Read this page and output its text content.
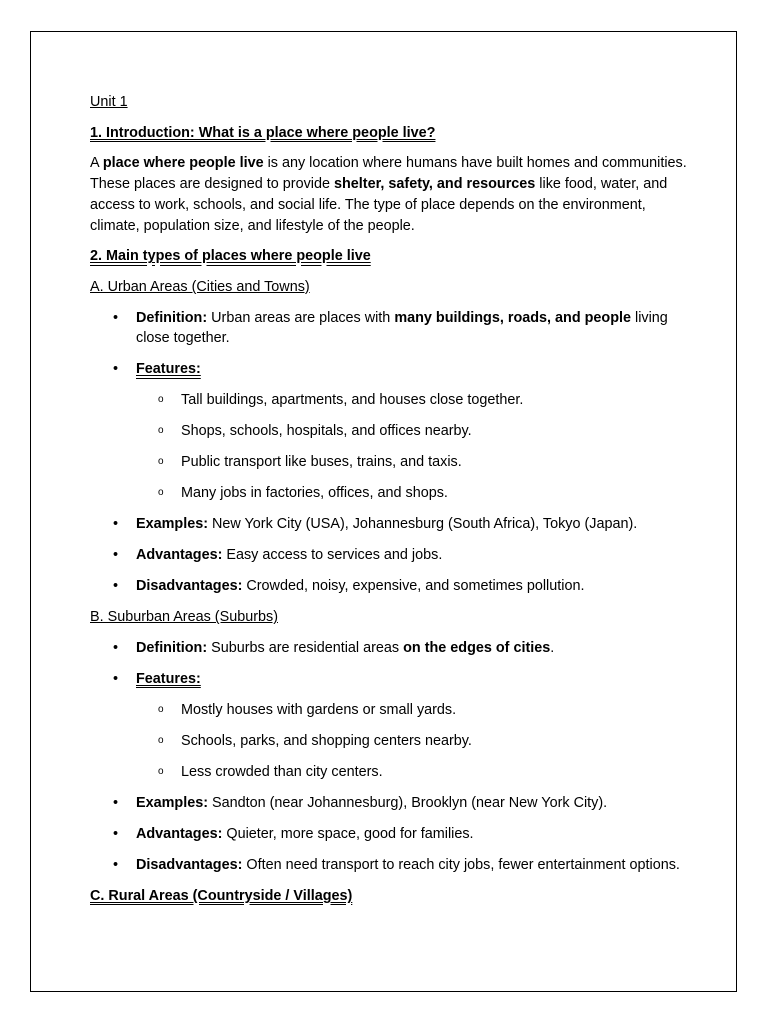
Unit 1

1. Introduction: What is a place where people live?

A place where people live is any location where humans have built homes and communities. These places are designed to provide shelter, safety, and resources like food, water, and access to work, schools, and social life. The type of place depends on the environment, climate, population size, and lifestyle of the people.

2. Main types of places where people live

A. Urban Areas (Cities and Towns)

• Definition: Urban areas are places with many buildings, roads, and people living close together.
• Features:
o Tall buildings, apartments, and houses close together.
o Shops, schools, hospitals, and offices nearby.
o Public transport like buses, trains, and taxis.
o Many jobs in factories, offices, and shops.
• Examples: New York City (USA), Johannesburg (South Africa), Tokyo (Japan).
• Advantages: Easy access to services and jobs.
• Disadvantages: Crowded, noisy, expensive, and sometimes pollution.

B. Suburban Areas (Suburbs)

• Definition: Suburbs are residential areas on the edges of cities.
• Features:
o Mostly houses with gardens or small yards.
o Schools, parks, and shopping centers nearby.
o Less crowded than city centers.
• Examples: Sandton (near Johannesburg), Brooklyn (near New York City).
• Advantages: Quieter, more space, good for families.
• Disadvantages: Often need transport to reach city jobs, fewer entertainment options.

C. Rural Areas (Countryside / Villages)
